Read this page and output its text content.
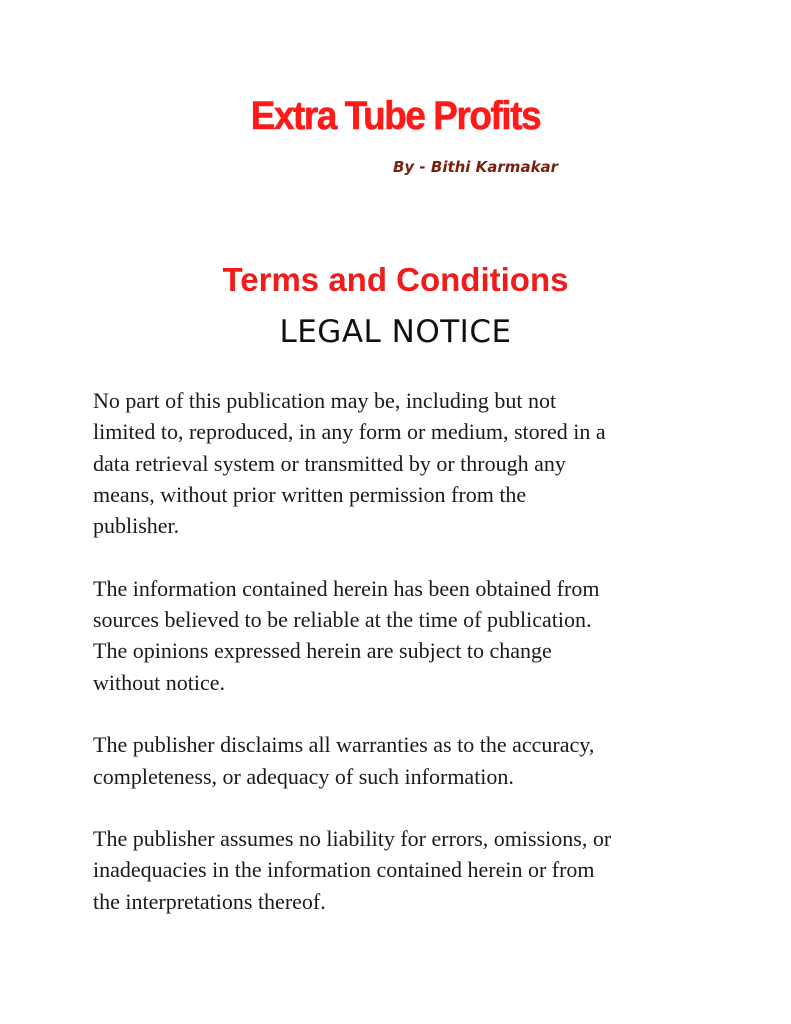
Extra Tube Profits
By - Bithi Karmakar
Terms and Conditions
LEGAL NOTICE

No part of this publication may be, including but not
limited to, reproduced, in any form or medium, stored in a
data retrieval system or transmitted by or through any
means, without prior written permission from the
publisher.

The information contained herein has been obtained from
sources believed to be reliable at the time of publication.
The opinions expressed herein are subject to change
without notice.

The publisher disclaims all warranties as to the accuracy,
completeness, or adequacy of such information.

The publisher assumes no liability for errors, omissions, or
inadequacies in the information contained herein or from
the interpretations thereof.
